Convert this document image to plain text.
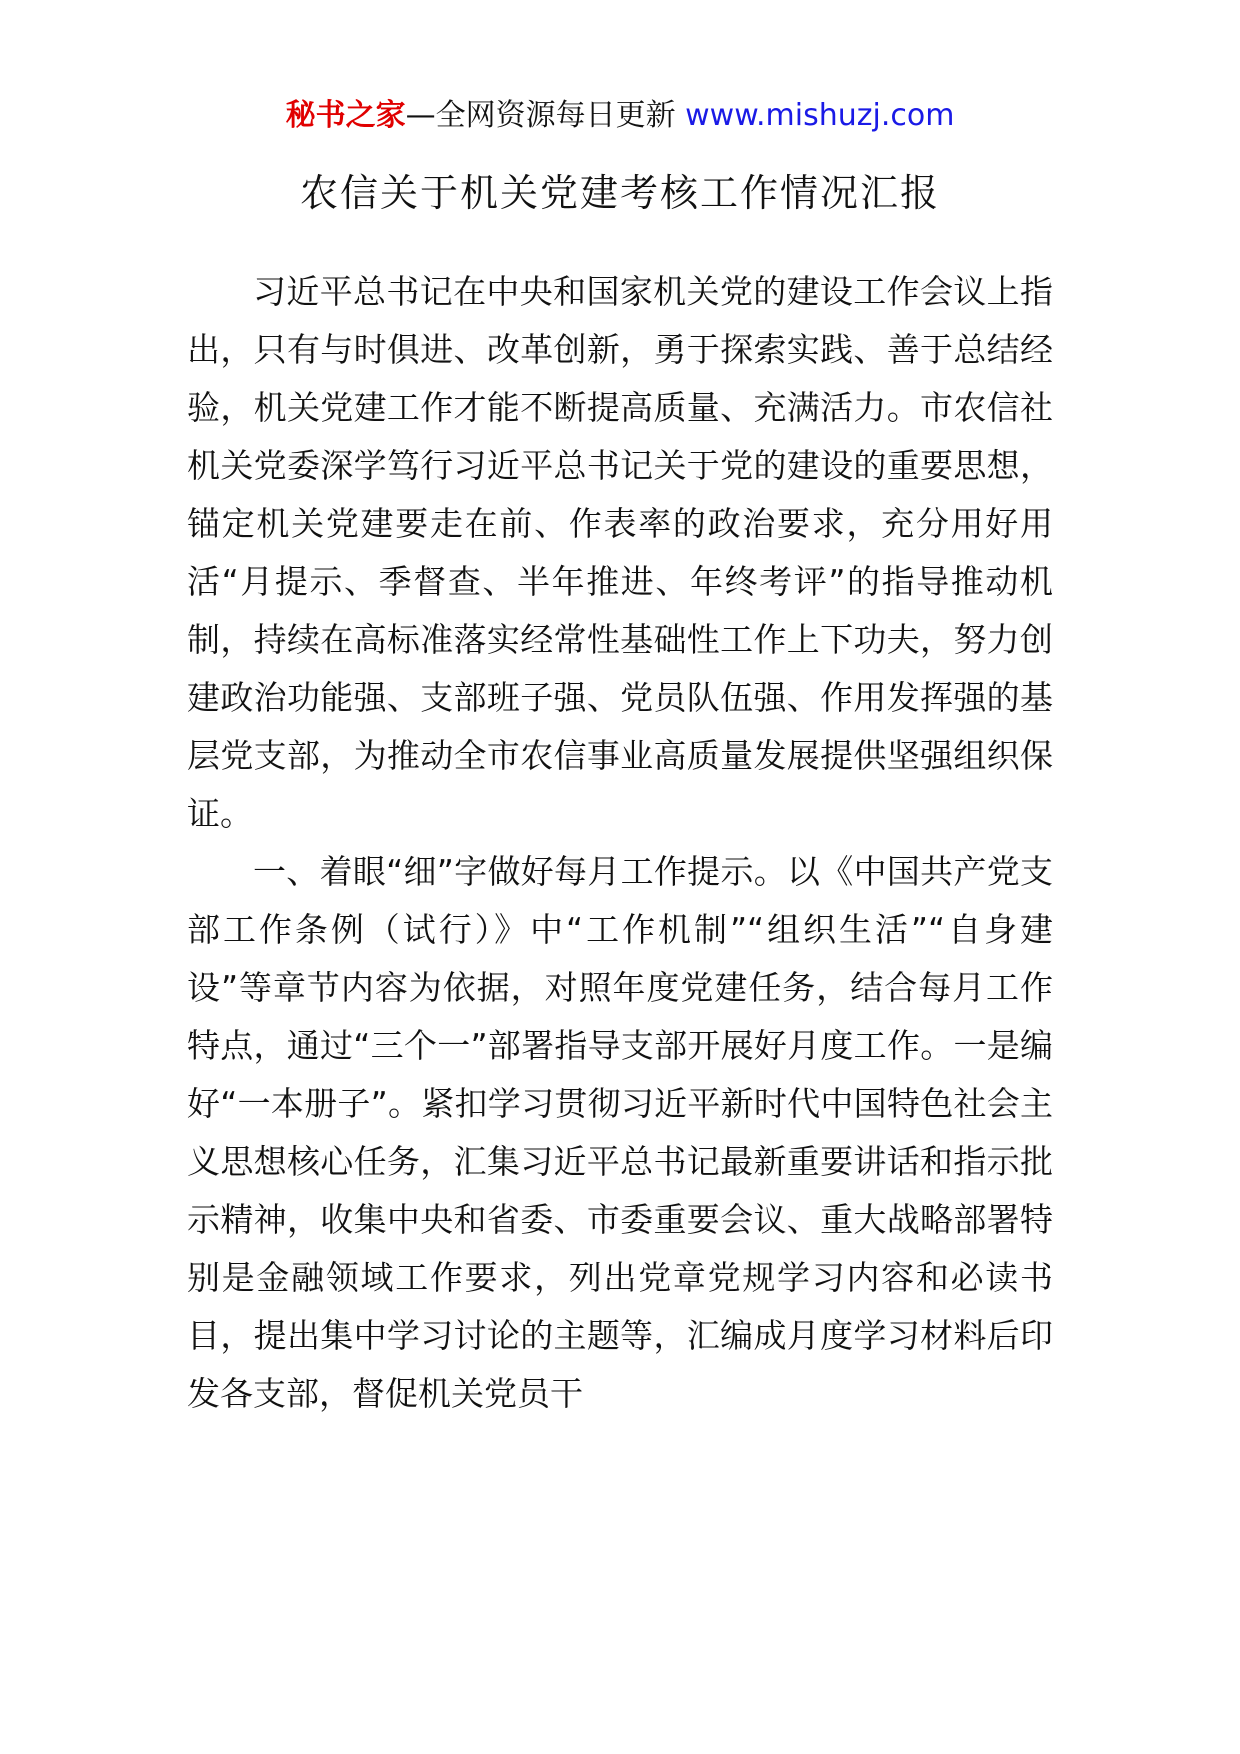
秘书之家—全网资源每日更新 www.mishuzj.com
农信关于机关党建考核工作情况汇报

习近平总书记在中央和国家机关党的建设工作会议上指出，只有与时俱进、改革创新，勇于探索实践、善于总结经验，机关党建工作才能不断提高质量、充满活力。市农信社机关党委深学笃行习近平总书记关于党的建设的重要思想，锚定机关党建要走在前、作表率的政治要求，充分用好用活“月提示、季督查、半年推进、年终考评”的指导推动机制，持续在高标准落实经常性基础性工作上下功夫，努力创建政治功能强、支部班子强、党员队伍强、作用发挥强的基层党支部，为推动全市农信事业高质量发展提供坚强组织保证。

一、着眼“细”字做好每月工作提示。以《中国共产党支部工作条例（试行）》中“工作机制”“组织生活”“自身建设”等章节内容为依据，对照年度党建任务，结合每月工作特点，通过“三个一”部署指导支部开展好月度工作。一是编好“一本册子”。紧扣学习贯彻习近平新时代中国特色社会主义思想核心任务，汇集习近平总书记最新重要讲话和指示批示精神，收集中央和省委、市委重要会议、重大战略部署特别是金融领域工作要求，列出党章党规学习内容和必读书目，提出集中学习讨论的主题等，汇编成月度学习材料后印发各支部，督促机关党员干
